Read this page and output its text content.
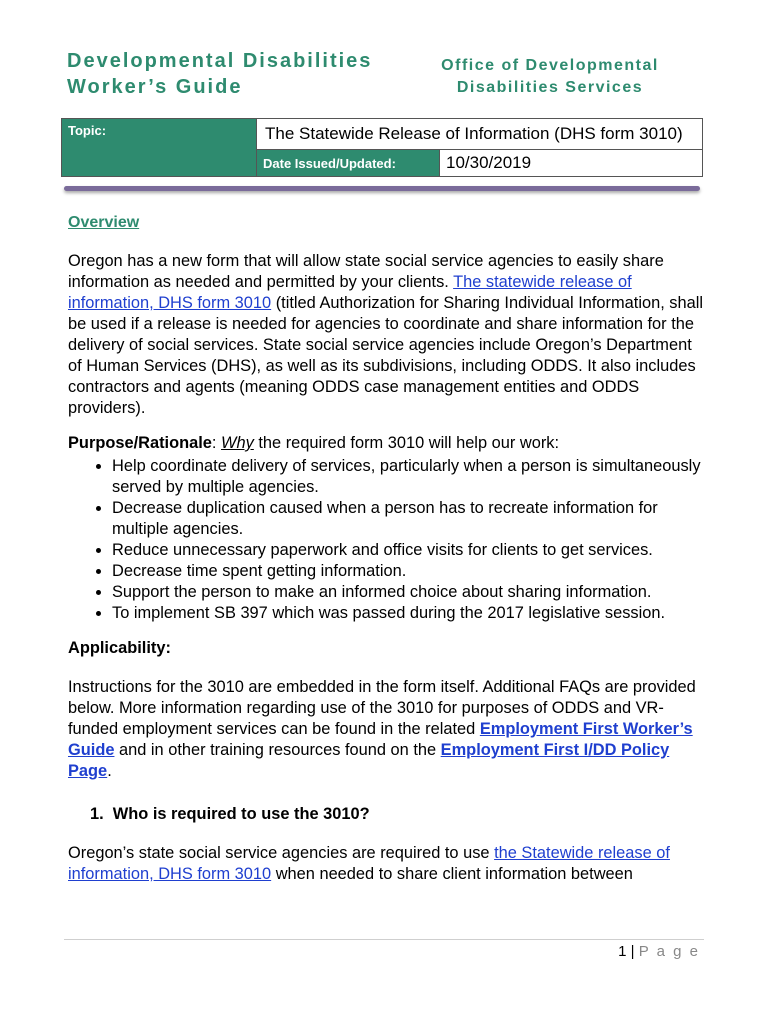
Developmental Disabilities
Worker’s Guide
Office of Developmental
Disabilities Services
Topic:	The Statewide Release of Information (DHS form 3010)	
	Date Issued/Updated:	10/30/2019
Overview

Oregon has a new form that will allow state social service agencies to easily share information as needed and permitted by your clients. The statewide release of information, DHS form 3010 (titled Authorization for Sharing Individual Information, shall be used if a release is needed for agencies to coordinate and share information for the delivery of social services. State social service agencies include Oregon’s Department of Human Services (DHS), as well as its subdivisions, including ODDS. It also includes contractors and agents (meaning ODDS case management entities and ODDS providers).

Purpose/Rationale: Why the required form 3010 will help our work:
• Help coordinate delivery of services, particularly when a person is simultaneously served by multiple agencies.
• Decrease duplication caused when a person has to recreate information for multiple agencies.
• Reduce unnecessary paperwork and office visits for clients to get services.
• Decrease time spent getting information.
• Support the person to make an informed choice about sharing information.
• To implement SB 397 which was passed during the 2017 legislative session.
Applicability:

Instructions for the 3010 are embedded in the form itself. Additional FAQs are provided below. More information regarding use of the 3010 for purposes of ODDS and VR-funded employment services can be found in the related Employment First Worker’s Guide and in other training resources found on the Employment First I/DD Policy Page.

1. Who is required to use the 3010?

Oregon’s state social service agencies are required to use the Statewide release of information, DHS form 3010 when needed to share client information between

1 | P a g e
